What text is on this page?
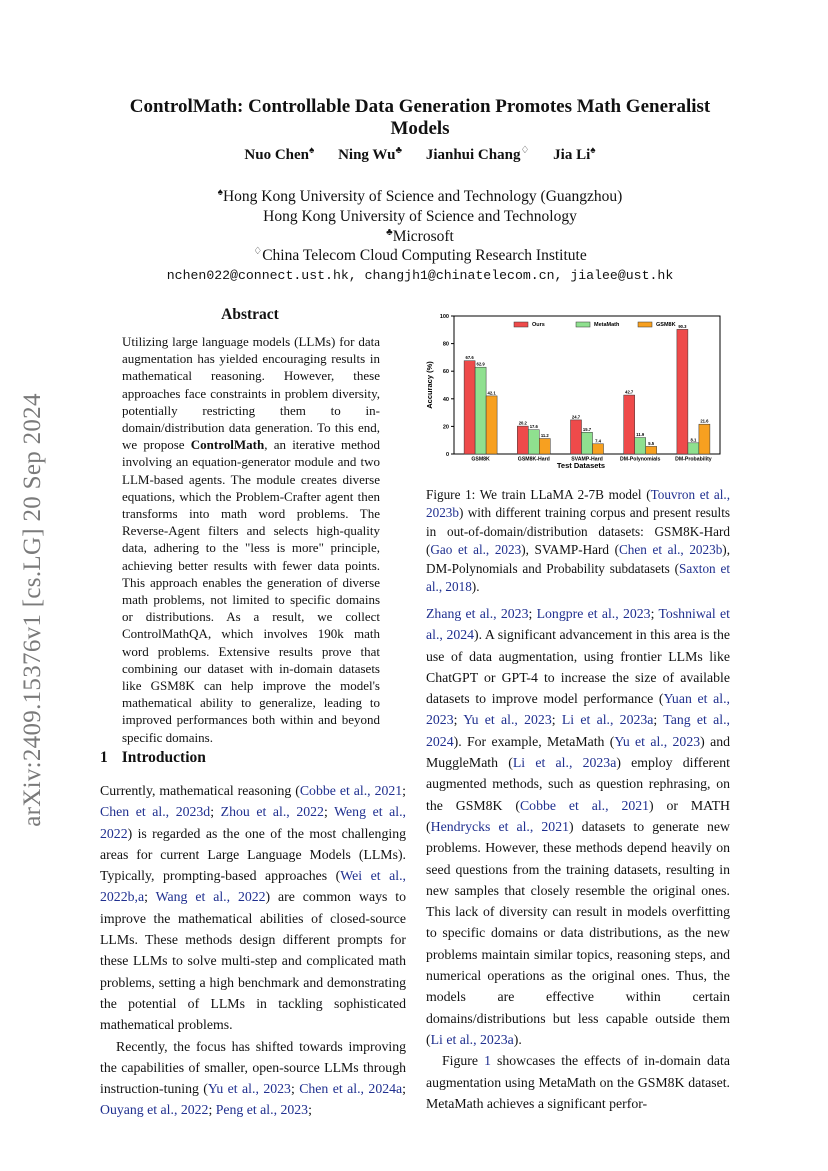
arXiv:2409.15376v1 [cs.LG] 20 Sep 2024
ControlMath: Controllable Data Generation Promotes Math Generalist Models
Nuo Chen♠ Ning Wu♣ Jianhui Chang♢ Jia Li♠
♠Hong Kong University of Science and Technology (Guangzhou)
Hong Kong University of Science and Technology
♣Microsoft
♢China Telecom Cloud Computing Research Institute
nchen022@connect.ust.hk, changjh1@chinatelecom.cn, jialee@ust.hk
Abstract
Utilizing large language models (LLMs) for data augmentation has yielded encouraging results in mathematical reasoning. However, these approaches face constraints in problem diversity, potentially restricting them to in-domain/distribution data generation. To this end, we propose ControlMath, an iterative method involving an equation-generator module and two LLM-based agents. The module creates diverse equations, which the Problem-Crafter agent then transforms into math word problems. The Reverse-Agent filters and selects high-quality data, adhering to the "less is more" principle, achieving better results with fewer data points. This approach enables the generation of diverse math problems, not limited to specific domains or distributions. As a result, we collect ControlMathQA, which involves 190k math word problems. Extensive results prove that combining our dataset with in-domain datasets like GSM8K can help improve the model's mathematical ability to generalize, leading to improved performances both within and beyond specific domains.
1 Introduction

Currently, mathematical reasoning (Cobbe et al., 2021; Chen et al., 2023d; Zhou et al., 2022; Weng et al., 2022) is regarded as the one of the most challenging areas for current Large Language Models (LLMs). Typically, prompting-based approaches (Wei et al., 2022b,a; Wang et al., 2022) are common ways to improve the mathematical abilities of closed-source LLMs. These methods design different prompts for these LLMs to solve multi-step and complicated math problems, setting a high benchmark and demonstrating the potential of LLMs in tackling sophisticated mathematical problems.

Recently, the focus has shifted towards improving the capabilities of smaller, open-source LLMs through instruction-tuning (Yu et al., 2023; Chen et al., 2024a; Ouyang et al., 2022; Peng et al., 2023;

0
20
40
60
80
100
Accuracy (%)
Test Datasets
GSM8K
67.6
62.9
42.1
GSM8K-Hard
20.2
17.6
11.2
SVAMP-Hard
24.7
15.7
7.4
DM-Polynomials
42.7
11.9
5.5
DM-Probability
90.3
8.1
21.6
Ours	MetaMath	GSM8K
Figure 1: We train LLaMA 2-7B model (Touvron et al., 2023b) with different training corpus and present results in out-of-domain/distribution datasets: GSM8K-Hard (Gao et al., 2023), SVAMP-Hard (Chen et al., 2023b), DM-Polynomials and Probability subdatasets (Saxton et al., 2018).

Zhang et al., 2023; Longpre et al., 2023; Toshniwal et al., 2024). A significant advancement in this area is the use of data augmentation, using frontier LLMs like ChatGPT or GPT-4 to increase the size of available datasets to improve model performance (Yuan et al., 2023; Yu et al., 2023; Li et al., 2023a; Tang et al., 2024). For example, MetaMath (Yu et al., 2023) and MuggleMath (Li et al., 2023a) employ different augmented methods, such as question rephrasing, on the GSM8K (Cobbe et al., 2021) or MATH (Hendrycks et al., 2021) datasets to generate new problems. However, these methods depend heavily on seed questions from the training datasets, resulting in new samples that closely resemble the original ones. This lack of diversity can result in models overfitting to specific domains or data distributions, as the new problems maintain similar topics, reasoning steps, and numerical operations as the original ones. Thus, the models are effective within certain domains/distributions but less capable outside them (Li et al., 2023a).

Figure 1 showcases the effects of in-domain data augmentation using MetaMath on the GSM8K dataset. MetaMath achieves a significant perfor-
